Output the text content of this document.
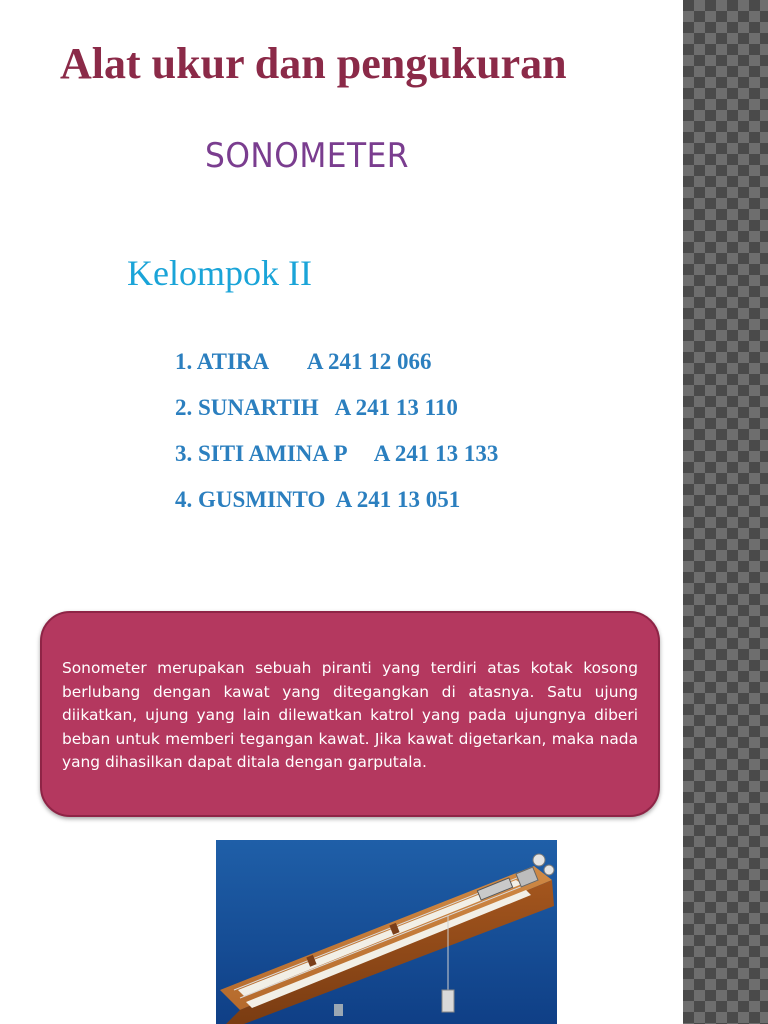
Alat ukur dan pengukuran
SONOMETER
Kelompok II
1. ATIRA       A 241 12 066
2. SUNARTIH   A 241 13 110
3. SITI AMINA P     A 241 13 133
4. GUSMINTO  A 241 13 051

Sonometer merupakan sebuah piranti yang terdiri atas kotak kosong berlubang dengan kawat yang ditegangkan di atasnya. Satu ujung diikatkan, ujung yang lain dilewatkan katrol yang pada ujungnya diberi beban untuk memberi tegangan kawat. Jika kawat digetarkan, maka nada yang dihasilkan dapat ditala dengan garputala.
